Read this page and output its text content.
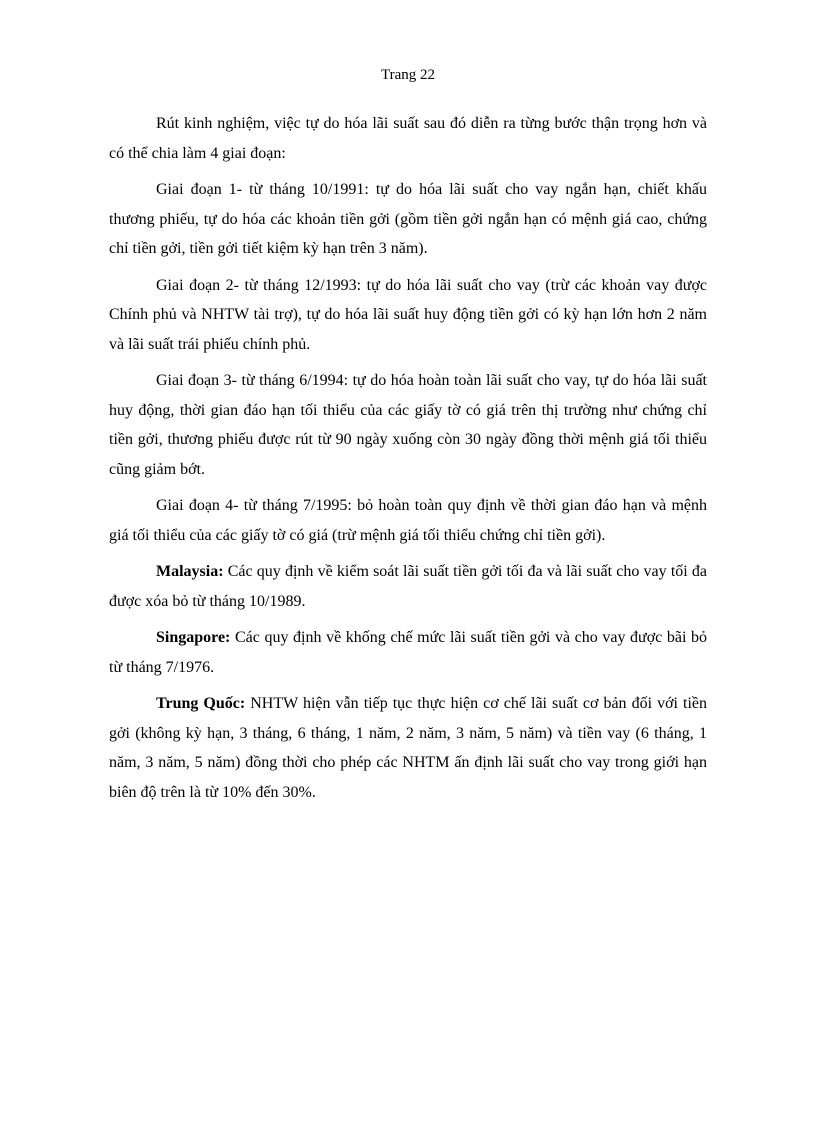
Trang 22

Rút kinh nghiệm, việc tự do hóa lãi suất sau đó diễn ra từng bước thận trọng hơn và có thể chia làm 4 giai đoạn:

Giai đoạn 1- từ tháng 10/1991: tự do hóa lãi suất cho vay ngắn hạn, chiết khấu thương phiếu, tự do hóa các khoản tiền gởi (gồm tiền gởi ngắn hạn có mệnh giá cao, chứng chỉ tiền gởi, tiền gởi tiết kiệm kỳ hạn trên 3 năm).

Giai đoạn 2- từ tháng 12/1993: tự do hóa lãi suất cho vay (trừ các khoản vay được Chính phủ và NHTW tài trợ), tự do hóa lãi suất huy động tiền gởi có kỳ hạn lớn hơn 2 năm và lãi suất trái phiếu chính phủ.

Giai đoạn 3- từ tháng 6/1994: tự do hóa hoàn toàn lãi suất cho vay, tự do hóa lãi suất huy động, thời gian đáo hạn tối thiểu của các giấy tờ có giá trên thị trường như chứng chỉ tiền gởi, thương phiếu được rút từ 90 ngày xuống còn 30 ngày đồng thời mệnh giá tối thiểu cũng giảm bớt.

Giai đoạn 4- từ tháng 7/1995: bỏ hoàn toàn quy định về thời gian đáo hạn và mệnh giá tối thiểu của các giấy tờ có giá (trừ mệnh giá tối thiểu chứng chỉ tiền gởi).

Malaysia: Các quy định về kiểm soát lãi suất tiền gởi tối đa và lãi suất cho vay tối đa được xóa bỏ từ tháng 10/1989.

Singapore: Các quy định về khống chế mức lãi suất tiền gởi và cho vay được bãi bỏ từ tháng 7/1976.

Trung Quốc: NHTW hiện vẫn tiếp tục thực hiện cơ chế lãi suất cơ bản đối với tiền gởi (không kỳ hạn, 3 tháng, 6 tháng, 1 năm, 2 năm, 3 năm, 5 năm) và tiền vay (6 tháng, 1 năm, 3 năm, 5 năm) đồng thời cho phép các NHTM ấn định lãi suất cho vay trong giới hạn biên độ trên là từ 10% đến 30%.
